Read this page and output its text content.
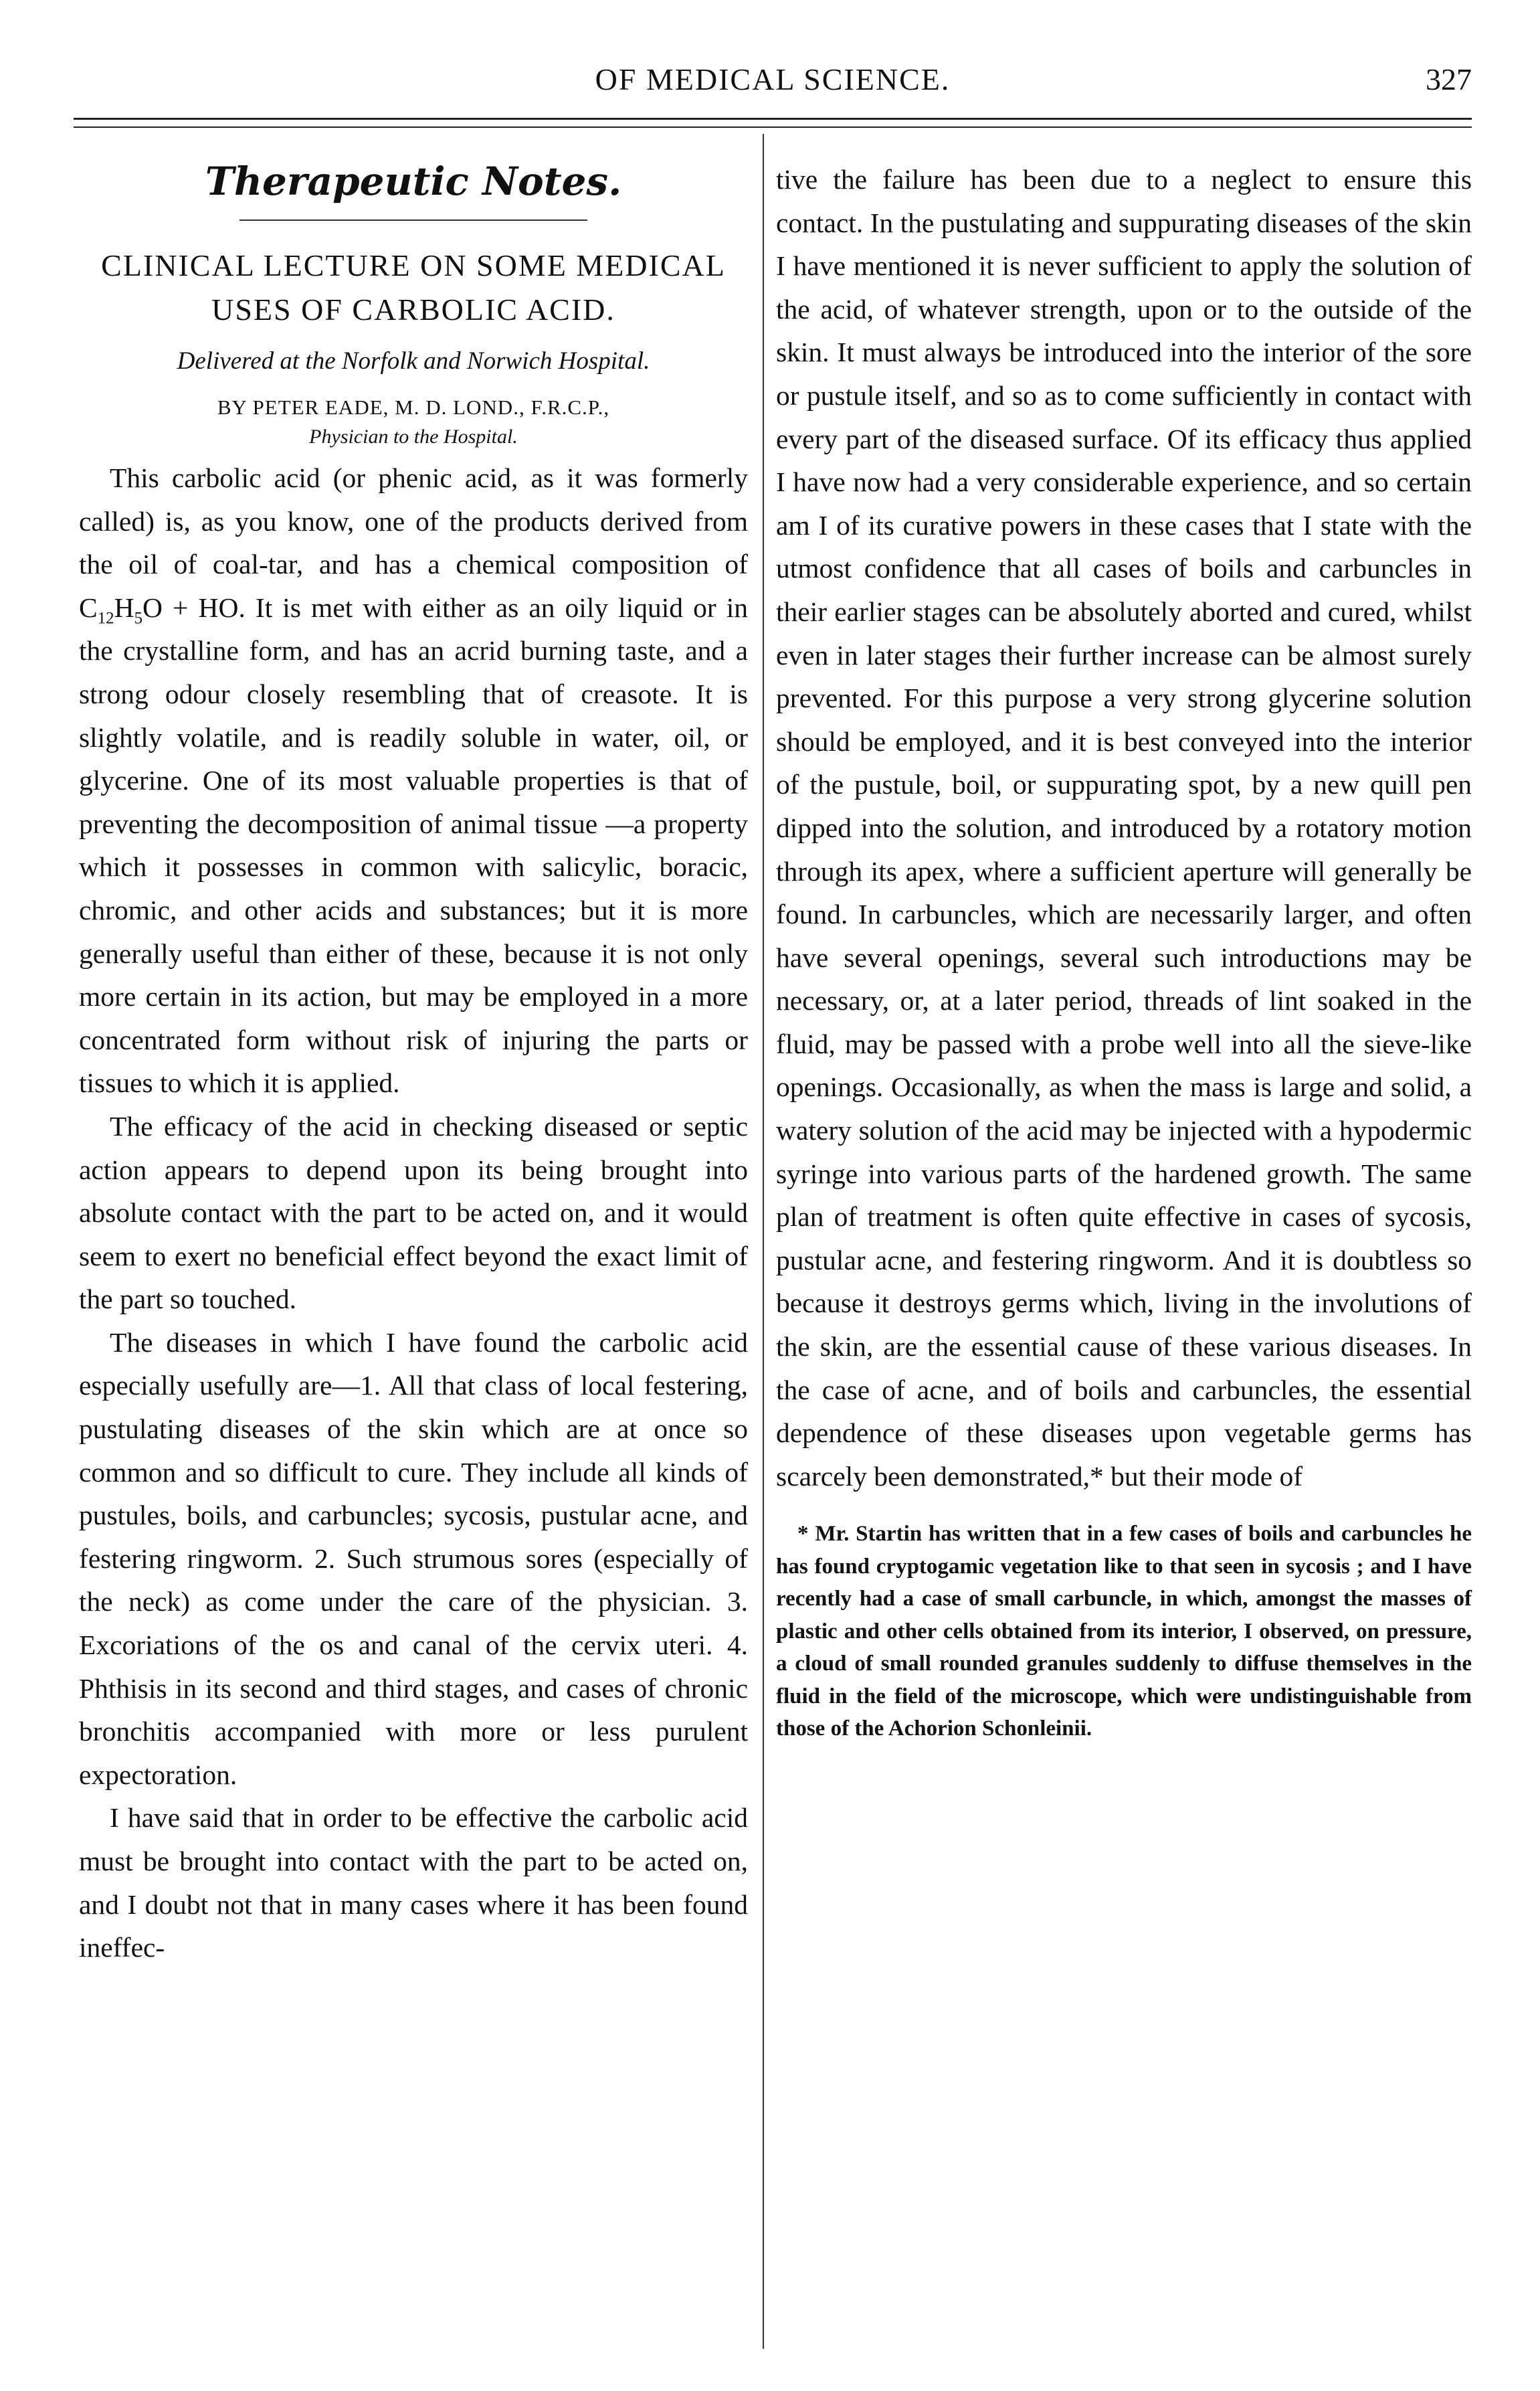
OF MEDICAL SCIENCE.	327
Therapeutic Notes.
CLINICAL LECTURE ON SOME MEDICAL USES OF CARBOLIC ACID.
Delivered at the Norfolk and Norwich Hospital.
BY PETER EADE, M. D. LOND., F.R.C.P.,
Physician to the Hospital.

This carbolic acid (or phenic acid, as it was formerly called) is, as you know, one of the products derived from the oil of coal-tar, and has a chemical composition of $C_{12}H_5O$ + HO. It is met with either as an oily liquid or in the crystalline form, and has an acrid burning taste, and a strong odour closely resembling that of creasote. It is slightly volatile, and is readily soluble in water, oil, or glycerine. One of its most valuable properties is that of preventing the decomposition of animal tissue —a property which it possesses in common with salicylic, boracic, chromic, and other acids and substances; but it is more generally useful than either of these, because it is not only more certain in its action, but may be employed in a more concentrated form without risk of injuring the parts or tissues to which it is applied.

The efficacy of the acid in checking diseased or septic action appears to depend upon its being brought into absolute contact with the part to be acted on, and it would seem to exert no beneficial effect beyond the exact limit of the part so touched.

The diseases in which I have found the carbolic acid especially usefully are—1. All that class of local festering, pustulating diseases of the skin which are at once so common and so difficult to cure. They include all kinds of pustules, boils, and carbuncles; sycosis, pustular acne, and festering ringworm. 2. Such strumous sores (especially of the neck) as come under the care of the physician. 3. Excoriations of the os and canal of the cervix uteri. 4. Phthisis in its second and third stages, and cases of chronic bronchitis accompanied with more or less purulent expectoration.

I have said that in order to be effective the carbolic acid must be brought into contact with the part to be acted on, and I doubt not that in many cases where it has been found ineffec-

tive the failure has been due to a neglect to ensure this contact. In the pustulating and suppurating diseases of the skin I have mentioned it is never sufficient to apply the solution of the acid, of whatever strength, upon or to the outside of the skin. It must always be introduced into the interior of the sore or pustule itself, and so as to come sufficiently in contact with every part of the diseased surface. Of its efficacy thus applied I have now had a very considerable experience, and so certain am I of its curative powers in these cases that I state with the utmost confidence that all cases of boils and carbuncles in their earlier stages can be absolutely aborted and cured, whilst even in later stages their further increase can be almost surely prevented. For this purpose a very strong glycerine solution should be employed, and it is best conveyed into the interior of the pustule, boil, or suppurating spot, by a new quill pen dipped into the solution, and introduced by a rotatory motion through its apex, where a sufficient aperture will generally be found. In carbuncles, which are necessarily larger, and often have several openings, several such introductions may be necessary, or, at a later period, threads of lint soaked in the fluid, may be passed with a probe well into all the sieve-like openings. Occasionally, as when the mass is large and solid, a watery solution of the acid may be injected with a hypodermic syringe into various parts of the hardened growth. The same plan of treatment is often quite effective in cases of sycosis, pustular acne, and festering ringworm. And it is doubtless so because it destroys germs which, living in the involutions of the skin, are the essential cause of these various diseases. In the case of acne, and of boils and carbuncles, the essential dependence of these diseases upon vegetable germs has scarcely been demonstrated,* but their mode of

* Mr. Startin has written that in a few cases of boils and carbuncles he has found cryptogamic vegetation like to that seen in sycosis ; and I have recently had a case of small carbuncle, in which, amongst the masses of plastic and other cells obtained from its interior, I observed, on pressure, a cloud of small rounded granules suddenly to diffuse themselves in the fluid in the field of the microscope, which were undistinguishable from those of the Achorion Schonleinii.
